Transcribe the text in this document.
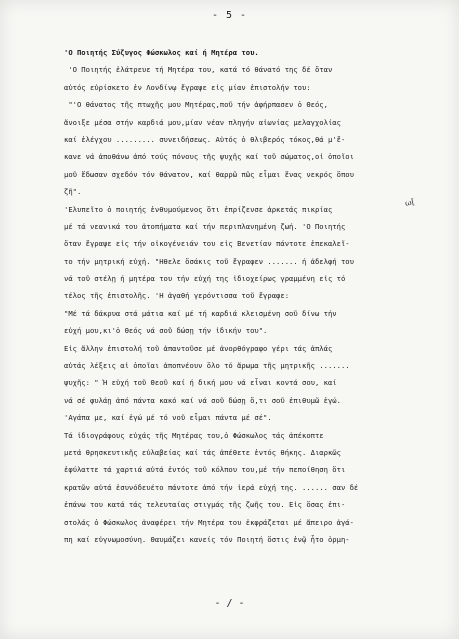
- 5 -
ω[
'Ο Ποιητής Σύζυγος Φώσκωλος καί ή Μητέρα του.
'Ο Ποιητής ἐλάτρευε τή Μητέρα του, κατά τό θάνατό της δέ ὅταν
αὐτός εὑρίσκετο ἐν Λονδίνῳ ἔγραψε εἰς μίαν ἐπιστολήν του:
"'Ο θάνατος τῆς πτωχῆς μου Μητέρας,ποῦ τήν ἀφήρπασεν ὁ Θεός,
ἄνοιξε μέσα στήν καρδιά μου,μίαν νέαν πληγήν αἰωνίας μελαγχολίας
καί ἐλέγχου ......... συνειδήσεως. Αὐτός ὁ θλιβερός τόκος,θά μ'ἔ-
κανε νά ἀποθάνω ἀπό τούς πόνους τῆς ψυχῆς καί τοῦ σώματος,οἱ ὁποῖοι
μοῦ ἔδωσαν σχεδόν τόν θάνατον, καί θαρρῶ πῶς εἶμαι ἕνας νεκρός ὅπου
ζῆ".
'Ελυπεῖτο ὁ ποιητής ἐνθυμούμενος ὅτι ἐπρίζενσε ἀρκετάς πικρίας
μέ τά νεανικά του ἀτοπήματα καί τήν περιπλανημένη ζωή. 'Ο Ποιητής
ὅταν ἔγραψε εἰς τήν οἰκογένειάν του εἰς Βενετίαν πάντοτε ἐπεκαλεῖ-
το τήν μητρική εὐχή. "Ηθελε ὅσάκις τοῦ ἔγραφεν ....... ή ἀδελφή του
νά τοῦ στέλῃ ή μητέρα του τήν εὐχή της ἰδιοχείρως γραμμένη εἰς τό
τέλος τῆς ἐπιστολῆς. 'Η ἀγαθή γερόντισσα τοῦ ἔγραφε:
"Μέ τά δάκρυα στά μάτια καί μέ τή καρδιά κλεισμένη σοῦ δίνω τήν
εὐχή μου,κι'ὁ Θεός νά σοῦ δώσῃ τήν ἰδικήν του".
Εἰς ἄλλην ἐπιστολή τοῦ ἀπαντοῦσε μέ ἀνορθόγραφο γέρι τάς ἁπλάς
αὐτάς λέξεις αἱ ὁποῖαι ἀποπνέουν ὅλο τό ἄρωμα τῆς μητρικῆς .......
ψυχῆς: " Ἡ εὐχή τοῦ Θεοῦ καί ή δική μου νά εἶναι κοντά σου, καί
νά σέ φυλάῃ ἀπό πάντα κακό καί νά σοῦ δώσῃ ὅ,τι σοῦ ἐπιθυμῶ ἐγώ.
'Αγάπα με, καί ἐγώ μέ τό νοῦ εἶμαι πάντα μέ σέ".
Τά ἰδιογράφους εὐχάς τῆς Μητέρας του,ὁ Φώσκωλος τάς ἀπέκοπτε
μετά θρησκευτικῆς εὐλαβείας καί τάς ἀπέθετε ἐντός θήκης. Διαρκῶς
ἐφύλαττε τά χαρτιά αὐτά ἐντός τοῦ κόλπου του,μέ τήν πεποίθηση ὅτι
κρατῶν αὐτά ἐσυνόδευέτο πάντοτε ἀπό τήν ἱερά εὐχή της. ...... σαν δέ
ἐπάνω του κατά τάς τελευταίας στιγμάς τῆς ζωῆς του. Εἰς ὅσας ἐπι-
στολάς ὁ Φώσκωλος ἀναφέρει τήν Μητέρα του ἐκφράζεται μέ ἄπειρο ἀγά-
πη καί εὐγνωμοσύνη. Θαυμάζει κανείς τόν Ποιητή ὅστις ἐνῷ ἦτο ὁρμη-
- / -
